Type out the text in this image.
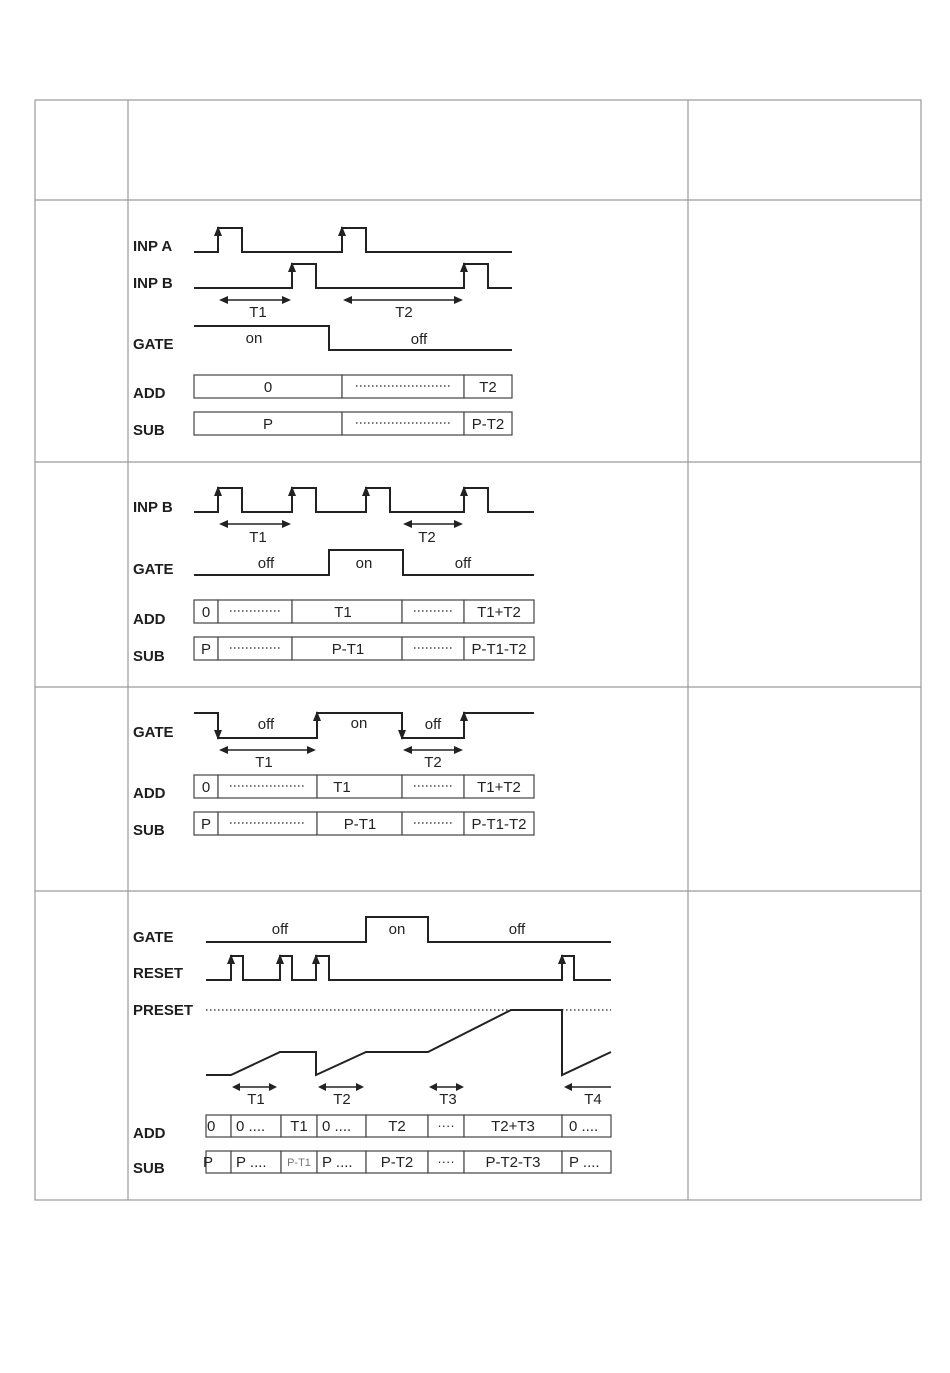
INP A
INP B
GATE
ADD
SUB
T1	T2
on	off
0	T2
P	P-T2
INP B
GATE
ADD
SUB
T1	T2
off	on	off
0	T1	T1+T2
P	P-T1	P-T1-T2
GATE
ADD
SUB
off	on	off
T1	T2
0	T1	T1+T2
P	P-T1	P-T1-T2
GATE
RESET
PRESET
ADD
SUB
off	on	off
T1	T2	T3	T4
0 0 .... T1 0 .... T2 ···· T2+T3 0 ....
P P .... P-T1 P .... P-T2 ···· P-T2-T3 P ....
